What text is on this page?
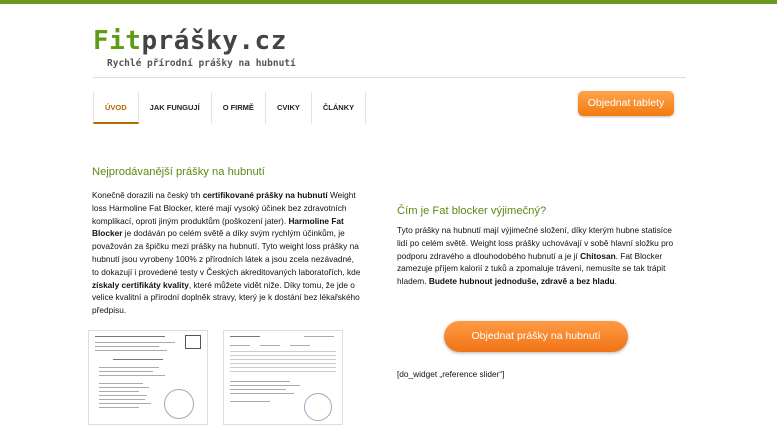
Fitprášky.cz
Rychlé přírodní prášky na hubnutí
ÚVOD	JAK FUNGUJÍ	O FIRMĚ	CVIKY	ČLÁNKY	Objednat tablety
Nejprodávanější prášky na hubnutí
Konečně dorazili na český trh certifikované prášky na hubnutí Weight loss Harmoline Fat Blocker, které mají vysoký účinek bez zdravotních komplikací, oproti jiným produktům (poškození jater). Harmoline Fat Blocker je dodáván po celém světě a díky svým rychlým účinkům, je považován za špičku mezi prášky na hubnutí. Tyto weight loss prášky na hubnutí jsou vyrobeny 100% z přírodních látek a jsou zcela nezávadné, to dokazují i provedené testy v Českých akreditovaných laboratořích, kde získaly certifikáty kvality, které můžete vidět níže. Díky tomu, že jde o velice kvalitní a přírodní doplněk stravy, který je k dostání bez lékařského předpisu.
Čím je Fat blocker výjimečný?
Tyto prášky na hubnutí mají výjimečné složení, díky kterým hubne statisíce lidí po celém světě. Weight loss prášky uchovávají v sobě hlavní složku pro podporu zdravého a dlouhodobého hubnutí a je jí Chitosan. Fat Blocker zamezuje příjem kalorií z tuků a zpomaluje trávení, nemusíte se tak trápit hladem. Budete hubnout jednoduše, zdravě a bez hladu.
Objednat prášky na hubnutí
[do_widget „reference slider“]
